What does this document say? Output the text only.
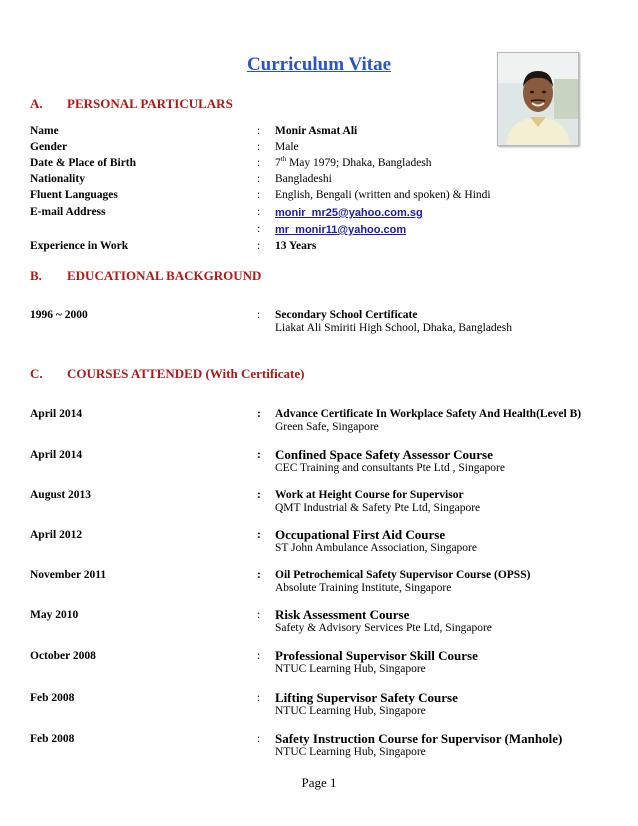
Curriculum Vitae
A. PERSONAL PARTICULARS
Name	: Monir Asmat Ali
Gender	: Male
Date & Place of Birth	: 7th May 1979; Dhaka, Bangladesh
Nationality	: Bangladeshi
Fluent Languages	: English, Bengali (written and spoken) & Hindi
E-mail Address	: monir_mr25@yahoo.com.sg
: mr_monir11@yahoo.com
Experience in Work	: 13 Years
B. EDUCATIONAL BACKGROUND
1996 ~ 2000	: Secondary School Certificate
Liakat Ali Smiriti High School, Dhaka, Bangladesh
C. COURSES ATTENDED (With Certificate)
April 2014	: Advance Certificate In Workplace Safety And Health(Level B)
Green Safe, Singapore
April 2014	: Confined Space Safety Assessor Course
CEC Training and consultants Pte Ltd , Singapore
August 2013	: Work at Height Course for Supervisor
QMT Industrial & Safety Pte Ltd, Singapore
April 2012	: Occupational First Aid Course
ST John Ambulance Association, Singapore
November 2011	: Oil Petrochemical Safety Supervisor Course (OPSS)
Absolute Training Institute, Singapore
May 2010	: Risk Assessment Course
Safety & Advisory Services Pte Ltd, Singapore
October 2008	: Professional Supervisor Skill Course
NTUC Learning Hub, Singapore
Feb 2008	: Lifting Supervisor Safety Course
NTUC Learning Hub, Singapore
Feb 2008	: Safety Instruction Course for Supervisor (Manhole)
NTUC Learning Hub, Singapore
Page 1
